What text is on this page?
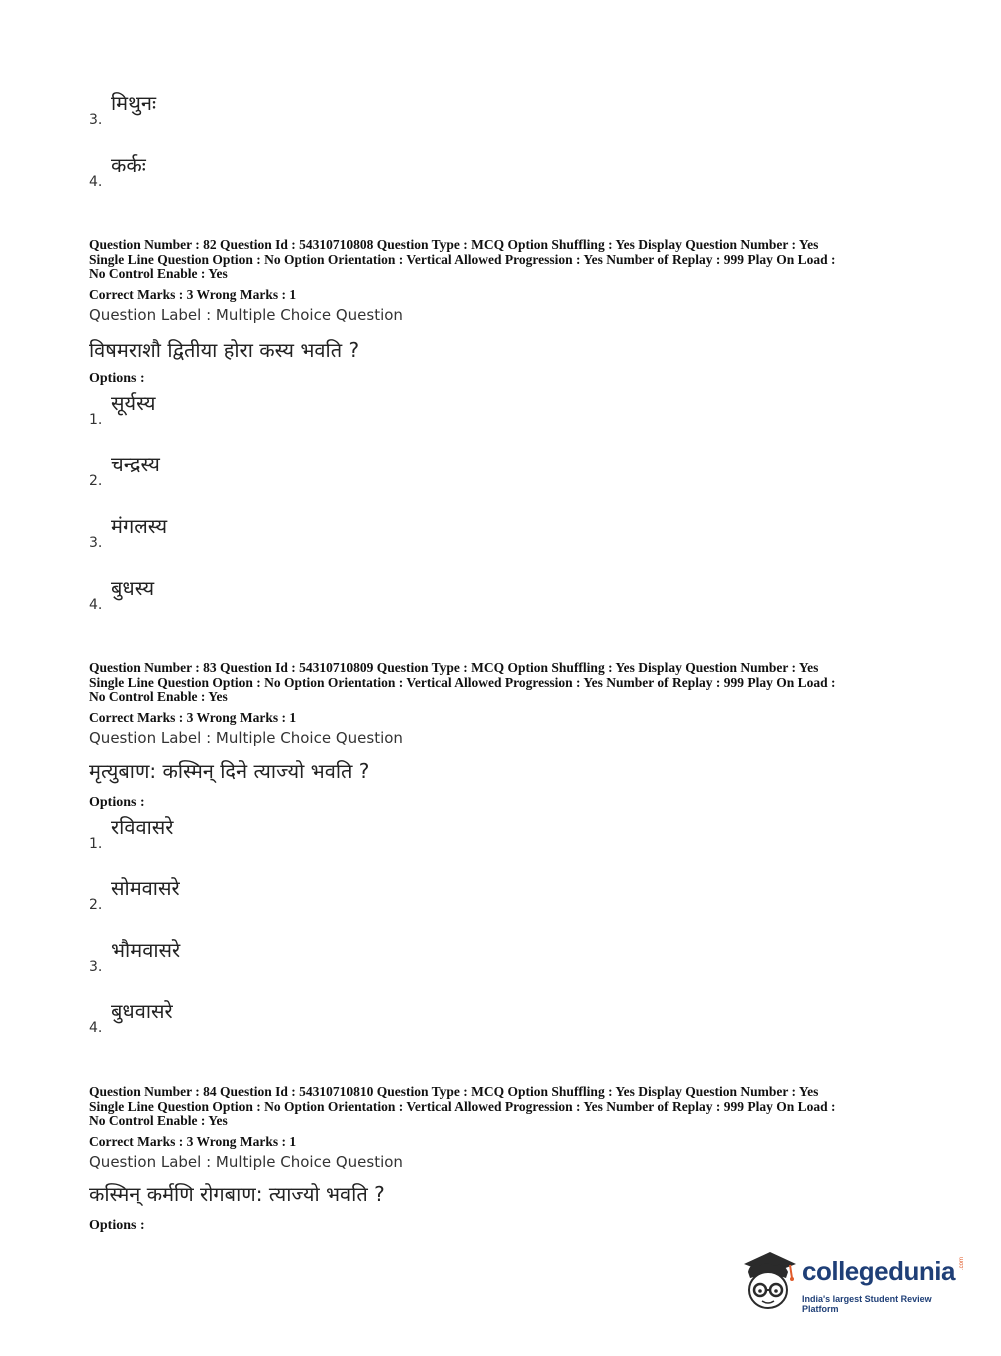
3.
मिथुनः
4.
कर्कः
Question Number : 82 Question Id : 54310710808 Question Type : MCQ Option Shuffling : Yes Display Question Number : Yes
Single Line Question Option : No Option Orientation : Vertical Allowed Progression : Yes Number of Replay : 999 Play On Load :
No Control Enable : Yes
Correct Marks : 3 Wrong Marks : 1
Question Label : Multiple Choice Question
विषमराशौ द्वितीया होरा कस्य भवति ?
Options :
1.
सूर्यस्य
2.
चन्द्रस्य
3.
मंगलस्य
4.
बुधस्य
Question Number : 83 Question Id : 54310710809 Question Type : MCQ Option Shuffling : Yes Display Question Number : Yes
Single Line Question Option : No Option Orientation : Vertical Allowed Progression : Yes Number of Replay : 999 Play On Load :
No Control Enable : Yes
Correct Marks : 3 Wrong Marks : 1
Question Label : Multiple Choice Question
मृत्युबाण: कस्मिन् दिने त्याज्यो भवति ?
Options :
1.
रविवासरे
2.
सोमवासरे
3.
भौमवासरे
4.
बुधवासरे
Question Number : 84 Question Id : 54310710810 Question Type : MCQ Option Shuffling : Yes Display Question Number : Yes
Single Line Question Option : No Option Orientation : Vertical Allowed Progression : Yes Number of Replay : 999 Play On Load :
No Control Enable : Yes
Correct Marks : 3 Wrong Marks : 1
Question Label : Multiple Choice Question
कस्मिन् कर्मणि रोगबाण: त्याज्यो भवति ?
Options :
collegedunia .com
India's largest Student Review Platform
